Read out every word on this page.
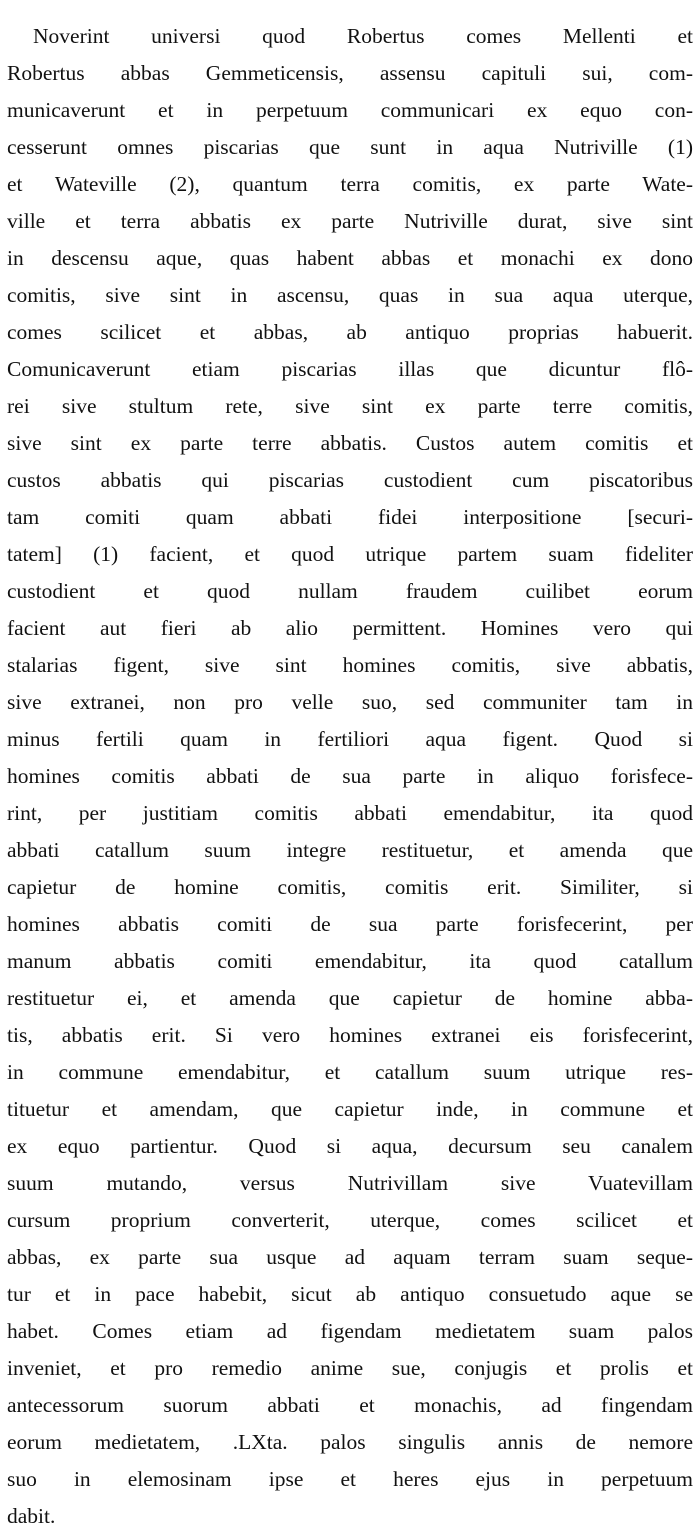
Noverint universi quod Robertus comes Mellenti et
Robertus abbas Gemmeticensis, assensu capituli sui, com-
municaverunt et in perpetuum communicari ex equo con-
cesserunt omnes piscarias que sunt in aqua Nutriville (1)
et Wateville (2), quantum terra comitis, ex parte Wate-
ville et terra abbatis ex parte Nutriville durat, sive sint
in descensu aque, quas habent abbas et monachi ex dono
comitis, sive sint in ascensu, quas in sua aqua uterque,
comes scilicet et abbas, ab antiquo proprias habuerit.
Comunicaverunt etiam piscarias illas que dicuntur flô-
rei sive stultum rete, sive sint ex parte terre comitis,
sive sint ex parte terre abbatis. Custos autem comitis et
custos abbatis qui piscarias custodient cum piscatoribus
tam comiti quam abbati fidei interpositione [securi-
tatem] (1) facient, et quod utrique partem suam fideliter
custodient et quod nullam fraudem cuilibet eorum
facient aut fieri ab alio permittent. Homines vero qui
stalarias figent, sive sint homines comitis, sive abbatis,
sive extranei, non pro velle suo, sed communiter tam in
minus fertili quam in fertiliori aqua figent. Quod si
homines comitis abbati de sua parte in aliquo forisfece-
rint, per justitiam comitis abbati emendabitur, ita quod
abbati catallum suum integre restituetur, et amenda que
capietur de homine comitis, comitis erit. Similiter, si
homines abbatis comiti de sua parte forisfecerint, per
manum abbatis comiti emendabitur, ita quod catallum
restituetur ei, et amenda que capietur de homine abba-
tis, abbatis erit. Si vero homines extranei eis forisfecerint,
in commune emendabitur, et catallum suum utrique res-
tituetur et amendam, que capietur inde, in commune et
ex equo partientur. Quod si aqua, decursum seu canalem
suum mutando, versus Nutrivillam sive Vuatevillam
cursum proprium converterit, uterque, comes scilicet et
abbas, ex parte sua usque ad aquam terram suam seque-
tur et in pace habebit, sicut ab antiquo consuetudo aque se
habet. Comes etiam ad figendam medietatem suam palos
inveniet, et pro remedio anime sue, conjugis et prolis et
antecessorum suorum abbati et monachis, ad fingendam
eorum medietatem, .LXta. palos singulis annis de nemore
suo in elemosinam ipse et heres ejus in perpetuum
dabit.
